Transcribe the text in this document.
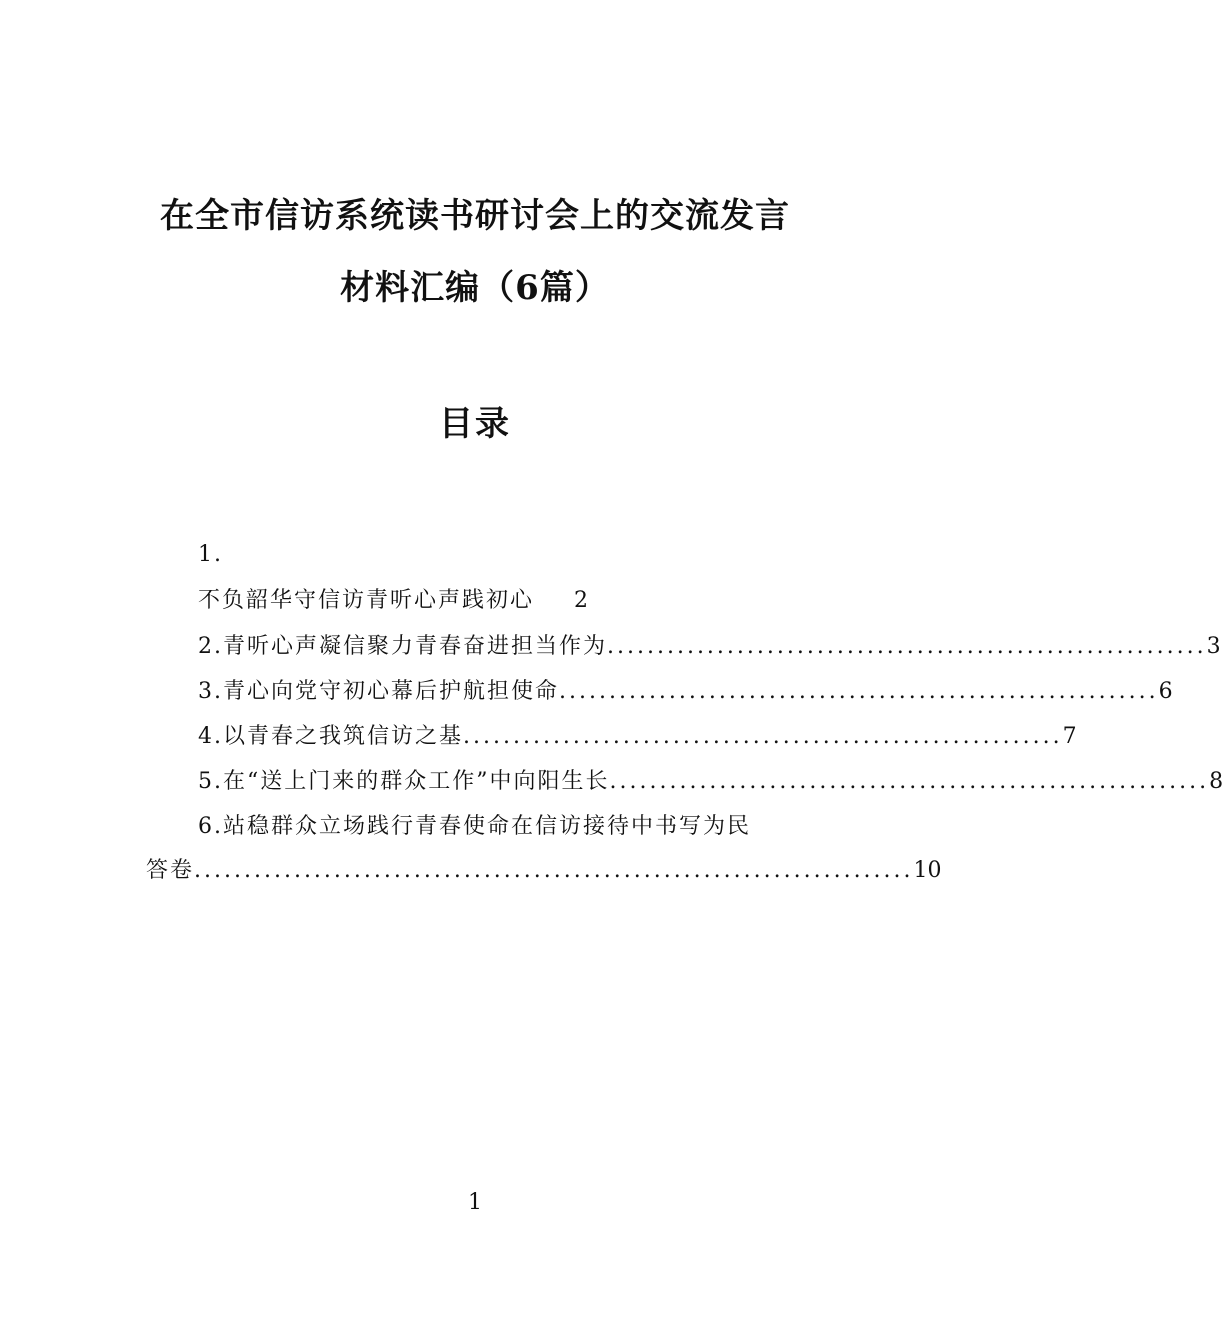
在全市信访系统读书研讨会上的交流发言
材料汇编（6篇）
目录
1.
不负韶华守信访青听心声践初心 2
2.青听心声凝信聚力青春奋进担当作为 ............................................................ 3
3.青心向党守初心幕后护航担使命 ............................................................ 6
4.以青春之我筑信访之基 ............................................................ 7
5.在“送上门来的群众工作”中向阳生长 ............................................................ 8
6.站稳群众立场践行青春使命在信访接待中书写为民
答卷 ........................................................................ 10
1
